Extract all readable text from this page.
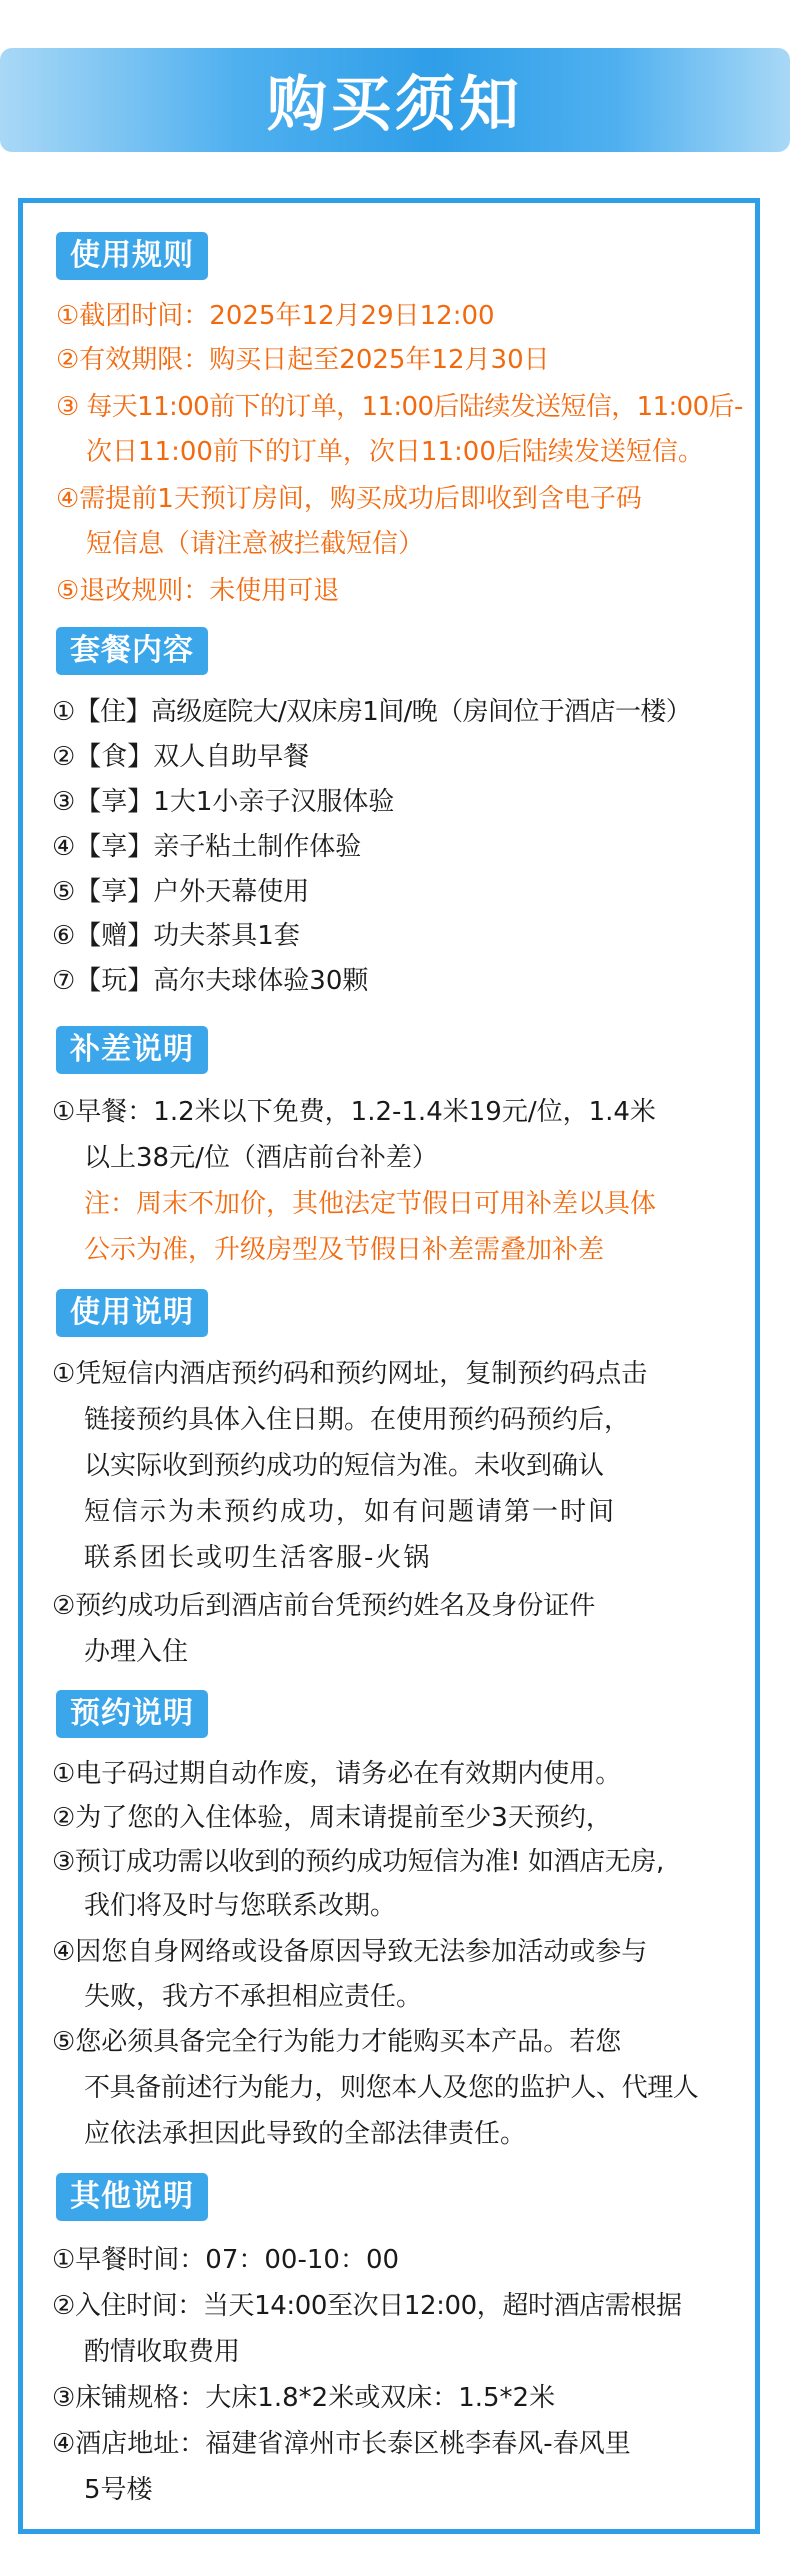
购买须知
使用规则
①截团时间：2025年12月29日12:00
②有效期限：购买日起至2025年12月30日
③ 每天11:00前下的订单，11:00后陆续发送短信，11:00后-
次日11:00前下的订单，次日11:00后陆续发送短信。
④需提前1天预订房间，购买成功后即收到含电子码
短信息（请注意被拦截短信）
⑤退改规则：未使用可退
套餐内容
①【住】高级庭院大/双床房1间/晚（房间位于酒店一楼）
②【食】双人自助早餐
③【享】1大1小亲子汉服体验
④【享】亲子粘土制作体验
⑤【享】户外天幕使用
⑥【赠】功夫茶具1套
⑦【玩】高尔夫球体验30颗
补差说明
①早餐：1.2米以下免费，1.2-1.4米19元/位，1.4米
以上38元/位（酒店前台补差）
注：周末不加价，其他法定节假日可用补差以具体
公示为准，升级房型及节假日补差需叠加补差
使用说明
①凭短信内酒店预约码和预约网址，复制预约码点击
链接预约具体入住日期。在使用预约码预约后，
以实际收到预约成功的短信为准。未收到确认
短信示为未预约成功，如有问题请第一时间
联系团长或叨生活客服-火锅
②预约成功后到酒店前台凭预约姓名及身份证件
办理入住
预约说明
①电子码过期自动作废，请务必在有效期内使用。
②为了您的入住体验，周末请提前至少3天预约，
③预订成功需以收到的预约成功短信为准! 如酒店无房,
我们将及时与您联系改期。
④因您自身网络或设备原因导致无法参加活动或参与
失败，我方不承担相应责任。
⑤您必须具备完全行为能力才能购买本产品。若您
不具备前述行为能力，则您本人及您的监护人、代理人
应依法承担因此导致的全部法律责任。
其他说明
①早餐时间：07：00-10：00
②入住时间：当天14:00至次日12:00，超时酒店需根据
酌情收取费用
③床铺规格：大床1.8*2米或双床：1.5*2米
④酒店地址：福建省漳州市长泰区桃李春风-春风里
5号楼
